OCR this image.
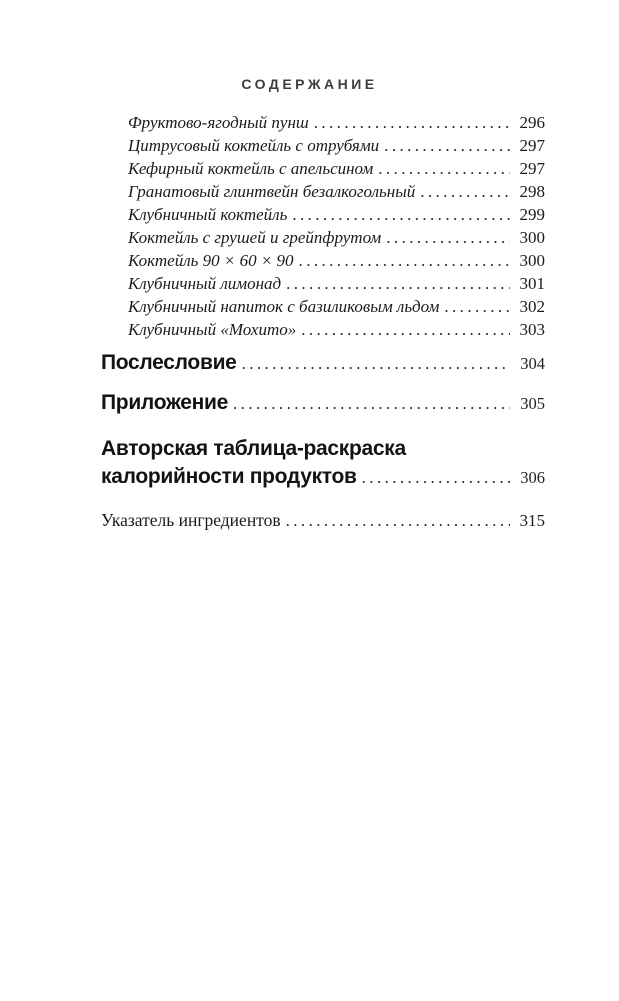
СОДЕРЖАНИЕ
Фруктово-ягодный пунш .....	296
Цитрусовый коктейль с отрубями .....	297
Кефирный коктейль с апельсином .....	297
Гранатовый глинтвейн безалкогольный .....	298
Клубничный коктейль .....	299
Коктейль с грушей и грейпфрутом .....	300
Коктейль 90 × 60 × 90 .....	300
Клубничный лимонад .....	301
Клубничный напиток с базиликовым льдом .....	302
Клубничный «Мохито» .....	303
Послесловие .....	304
Приложение .....	305
Авторская таблица-раскраска
калорийности продуктов .....	306
Указатель ингредиентов .....	315
